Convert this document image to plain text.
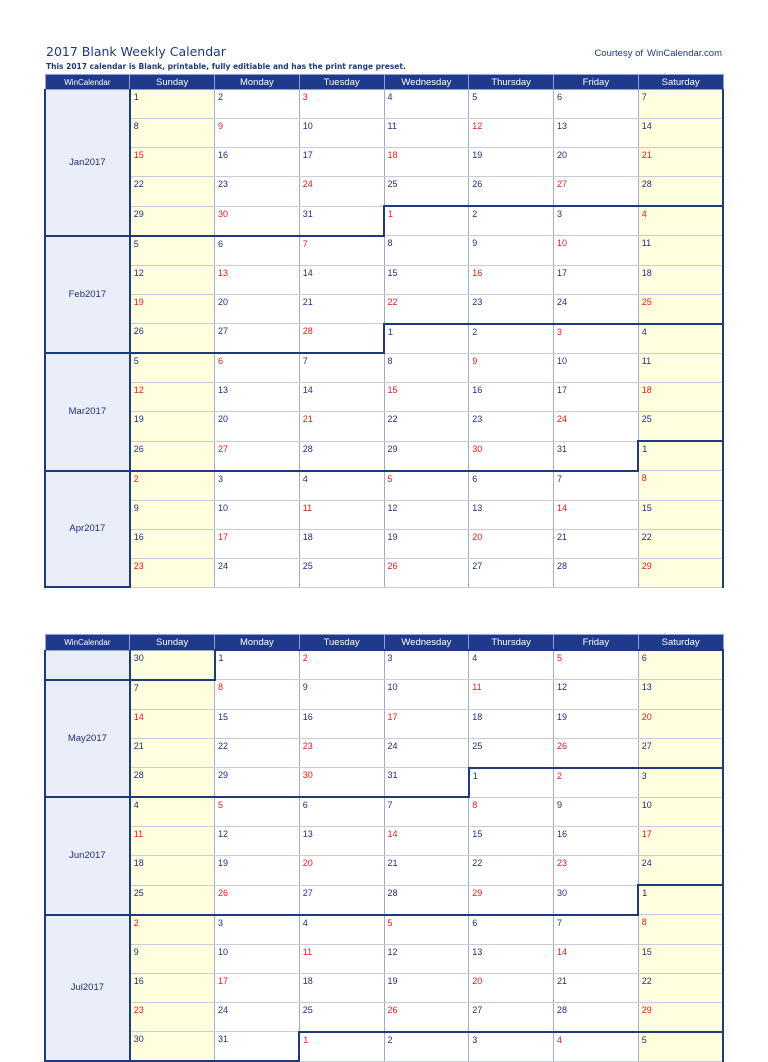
2017 Blank Weekly Calendar
This 2017 calendar is Blank, printable, fully editiable and has the print range preset.
Courtesy of WinCalendar.com
WinCalendar	Sunday	Monday	Tuesday	Wednesday	Thursday	Friday	Saturday
Jan2017	1	2	3	4	5	6	7
	8	9	10	11	12	13	14
	15	16	17	18	19	20	21
	22	23	24	25	26	27	28
	29	30	31	1	2	3	4
Feb2017	5	6	7	8	9	10	11
	12	13	14	15	16	17	18
	19	20	21	22	23	24	25
	26	27	28	1	2	3	4
Mar2017	5	6	7	8	9	10	11
	12	13	14	15	16	17	18
	19	20	21	22	23	24	25
	26	27	28	29	30	31	1
Apr2017	2	3	4	5	6	7	8
	9	10	11	12	13	14	15
	16	17	18	19	20	21	22
	23	24	25	26	27	28	29
WinCalendar	Sunday	Monday	Tuesday	Wednesday	Thursday	Friday	Saturday
	30	1	2	3	4	5	6
May2017	7	8	9	10	11	12	13
	14	15	16	17	18	19	20
	21	22	23	24	25	26	27
	28	29	30	31	1	2	3
Jun2017	4	5	6	7	8	9	10
	11	12	13	14	15	16	17
	18	19	20	21	22	23	24
	25	26	27	28	29	30	1
Jul2017	2	3	4	5	6	7	8
	9	10	11	12	13	14	15
	16	17	18	19	20	21	22
	23	24	25	26	27	28	29
	30	31	1	2	3	4	5
